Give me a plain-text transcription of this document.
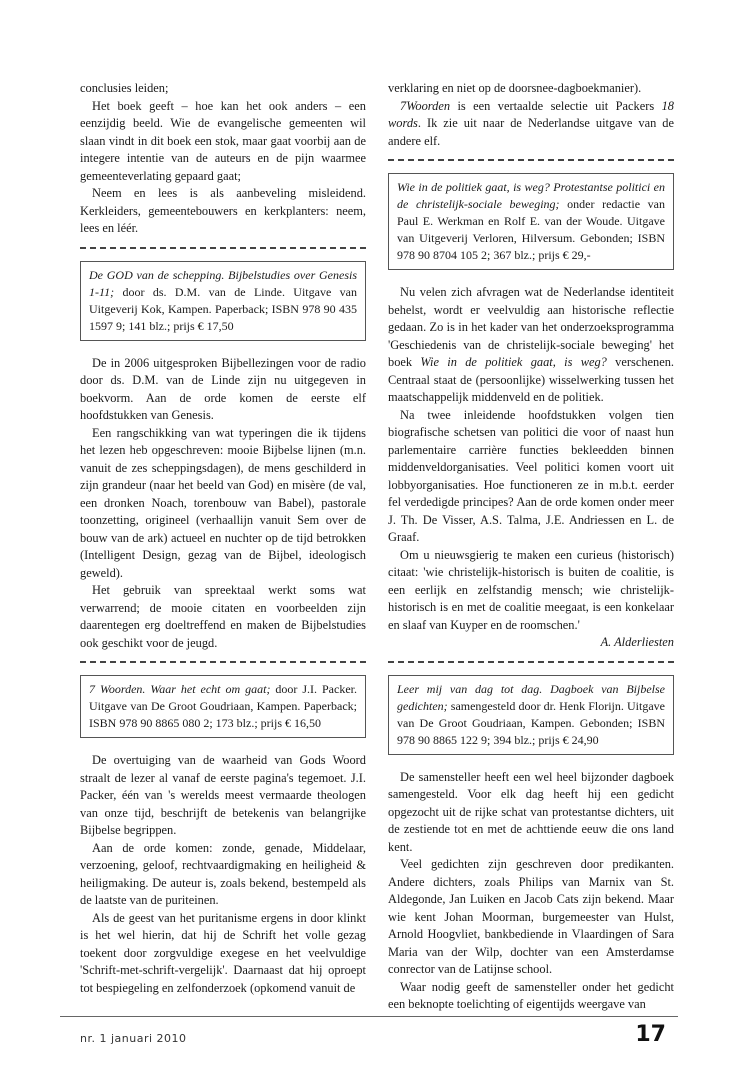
conclusies leiden;

Het boek geeft – hoe kan het ook anders – een eenzijdig beeld. Wie de evangelische gemeenten wil slaan vindt in dit boek een stok, maar gaat voorbij aan de integere intentie van de auteurs en de pijn waarmee gemeenteverlating gepaard gaat;

Neem en lees is als aanbeveling misleidend. Kerkleiders, gemeentebouwers en kerkplanters: neem, lees en léér.

De GOD van de schepping. Bijbelstudies over Genesis 1-11; door ds. D.M. van de Linde. Uitgave van Uitgeverij Kok, Kampen. Paperback; ISBN 978 90 435 1597 9; 141 blz.; prijs € 17,50

De in 2006 uitgesproken Bijbellezingen voor de radio door ds. D.M. van de Linde zijn nu uitgegeven in boekvorm. Aan de orde komen de eerste elf hoofdstukken van Genesis.

Een rangschikking van wat typeringen die ik tijdens het lezen heb opgeschreven: mooie Bijbelse lijnen (m.n. vanuit de zes scheppingsdagen), de mens geschilderd in zijn grandeur (naar het beeld van God) en misère (de val, een dronken Noach, torenbouw van Babel), pastorale toonzetting, origineel (verhaallijn vanuit Sem over de bouw van de ark) actueel en nuchter op de tijd betrokken (Intelligent Design, gezag van de Bijbel, ideologisch geweld).

Het gebruik van spreektaal werkt soms wat verwarrend; de mooie citaten en voorbeelden zijn daarentegen erg doeltreffend en maken de Bijbelstudies ook geschikt voor de jeugd.

7 Woorden. Waar het echt om gaat; door J.I. Packer. Uitgave van De Groot Goudriaan, Kampen. Paperback; ISBN 978 90 8865 080 2; 173 blz.; prijs € 16,50

De overtuiging van de waarheid van Gods Woord straalt de lezer al vanaf de eerste pagina's tegemoet. J.I. Packer, één van 's werelds meest vermaarde theologen van onze tijd, beschrijft de betekenis van belangrijke Bijbelse begrippen.

Aan de orde komen: zonde, genade, Middelaar, verzoening, geloof, rechtvaardigmaking en heiligheid & heiligmaking. De auteur is, zoals bekend, bestempeld als de laatste van de puriteinen.

Als de geest van het puritanisme ergens in door klinkt is het wel hierin, dat hij de Schrift het volle gezag toekent door zorgvuldige exegese en het veelvuldige 'Schrift-met-schrift-vergelijk'. Daarnaast dat hij oproept tot bespiegeling en zelfonderzoek (opkomend vanuit de

verklaring en niet op de doorsnee-dagboekmanier).

7Woorden is een vertaalde selectie uit Packers 18 words. Ik zie uit naar de Nederlandse uitgave van de andere elf.

Wie in de politiek gaat, is weg? Protestantse politici en de christelijk-sociale beweging; onder redactie van Paul E. Werkman en Rolf E. van der Woude. Uitgave van Uitgeverij Verloren, Hilversum. Gebonden; ISBN 978 90 8704 105 2; 367 blz.; prijs € 29,-

Nu velen zich afvragen wat de Nederlandse identiteit behelst, wordt er veelvuldig aan historische reflectie gedaan. Zo is in het kader van het onderzoeksprogramma 'Geschiedenis van de christelijk-sociale beweging' het boek Wie in de politiek gaat, is weg? verschenen. Centraal staat de (persoonlijke) wisselwerking tussen het maatschappelijk middenveld en de politiek.

Na twee inleidende hoofdstukken volgen tien biografische schetsen van politici die voor of naast hun parlementaire carrière functies bekleedden binnen middenveldorganisaties. Veel politici komen voort uit lobbyorganisaties. Hoe functioneren ze in m.b.t. eerder fel verdedigde principes? Aan de orde komen onder meer J. Th. De Visser, A.S. Talma, J.E. Andriessen en L. de Graaf.

Om u nieuwsgierig te maken een curieus (historisch) citaat: 'wie christelijk-historisch is buiten de coalitie, is een eerlijk en zelfstandig mensch; wie christelijk-historisch is en met de coalitie meegaat, is een konkelaar en slaaf van Kuyper en de roomschen.'

A. Alderliesten

Leer mij van dag tot dag. Dagboek van Bijbelse gedichten; samengesteld door dr. Henk Florijn. Uitgave van De Groot Goudriaan, Kampen. Gebonden; ISBN 978 90 8865 122 9; 394 blz.; prijs € 24,90

De samensteller heeft een wel heel bijzonder dagboek samengesteld. Voor elk dag heeft hij een gedicht opgezocht uit de rijke schat van protestantse dichters, uit de zestiende tot en met de achttiende eeuw die ons land kent.

Veel gedichten zijn geschreven door predikanten. Andere dichters, zoals Philips van Marnix van St. Aldegonde, Jan Luiken en Jacob Cats zijn bekend. Maar wie kent Johan Moorman, burgemeester van Hulst, Arnold Hoogvliet, bankbediende in Vlaardingen of Sara Maria van der Wilp, dochter van een Amsterdamse conrector van de Latijnse school.

Waar nodig geeft de samensteller onder het gedicht een beknopte toelichting of eigentijds weergave van

nr. 1 januari 2010	17
